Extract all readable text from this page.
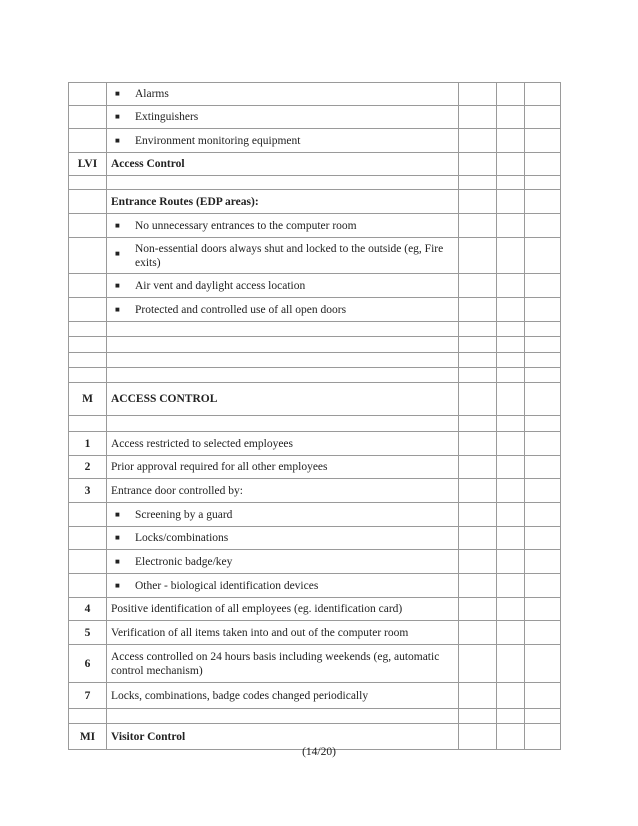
	■ Alarms			

	■ Extinguishers			

	■ Environment monitoring equipment			
LVI	Access Control			

	Entrance Routes (EDP areas):			

	■ No unnecessary entrances to the computer room			

	■ Non-essential doors always shut and locked to the outside (eg, Fire exits)			

	■ Air vent and daylight access location			

	■ Protected and controlled use of all open doors			

M	ACCESS CONTROL			

1	Access restricted to selected employees			
2	Prior approval required for all other employees			
3	Entrance door controlled by:			

	■ Screening by a guard			

	■ Locks/combinations			

	■ Electronic badge/key			

	■ Other - biological identification devices			
4	Positive identification of all employees (eg. identification card)			
5	Verification of all items taken into and out of the computer room			
6	Access controlled on 24 hours basis including weekends (eg, automatic control mechanism)			
7	Locks, combinations, badge codes changed periodically			

MI	Visitor Control			
(14/20)
